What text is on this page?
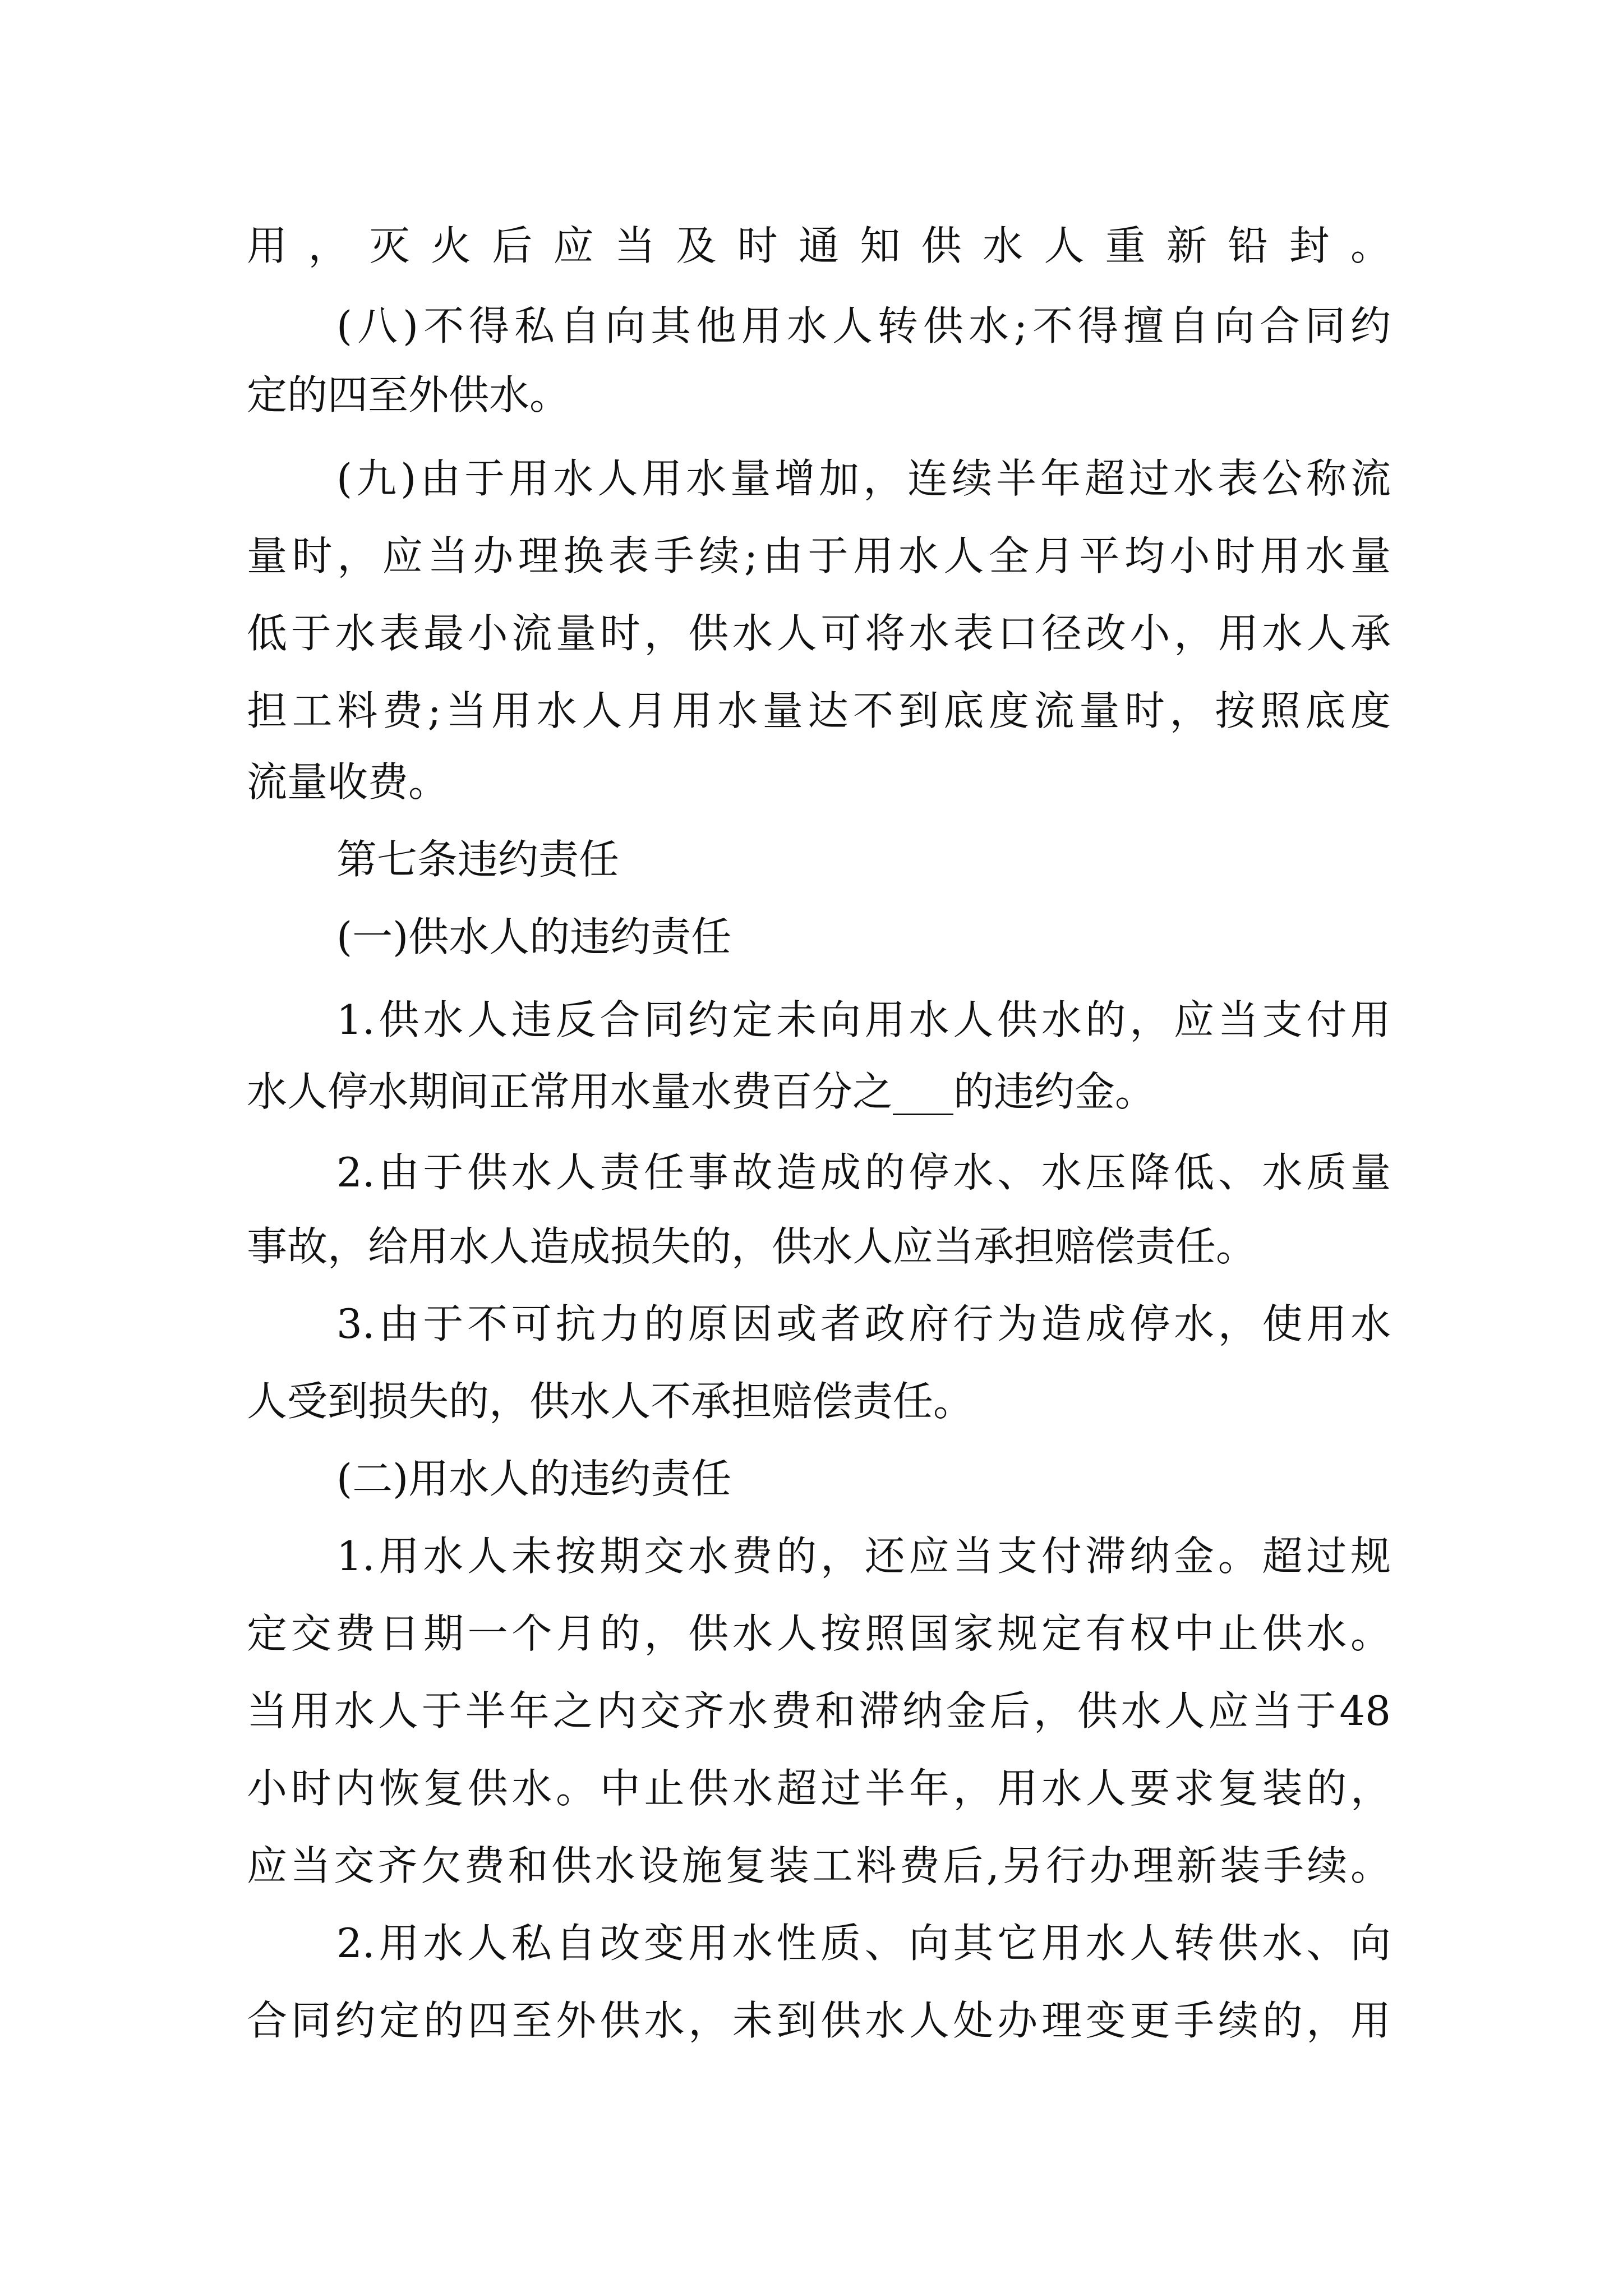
用，灭火后应当及时通知供水人重新铅封。
(八)不得私自向其他用水人转供水;不得擅自向合同约
定的四至外供水。
(九)由于用水人用水量增加，连续半年超过水表公称流
量时，应当办理换表手续;由于用水人全月平均小时用水量
低于水表最小流量时，供水人可将水表口径改小，用水人承
担工料费;当用水人月用水量达不到底度流量时，按照底度
流量收费。
第七条违约责任
(一)供水人的违约责任
1.供水人违反合同约定未向用水人供水的，应当支付用
水人停水期间正常用水量水费百分之___的违约金。
2.由于供水人责任事故造成的停水、水压降低、水质量
事故，给用水人造成损失的，供水人应当承担赔偿责任。
3.由于不可抗力的原因或者政府行为造成停水，使用水
人受到损失的，供水人不承担赔偿责任。
(二)用水人的违约责任
1.用水人未按期交水费的，还应当支付滞纳金。超过规
定交费日期一个月的，供水人按照国家规定有权中止供水。
当用水人于半年之内交齐水费和滞纳金后，供水人应当于48
小时内恢复供水。中止供水超过半年，用水人要求复装的，
应当交齐欠费和供水设施复装工料费后,另行办理新装手续。
2.用水人私自改变用水性质、向其它用水人转供水、向
合同约定的四至外供水，未到供水人处办理变更手续的，用
